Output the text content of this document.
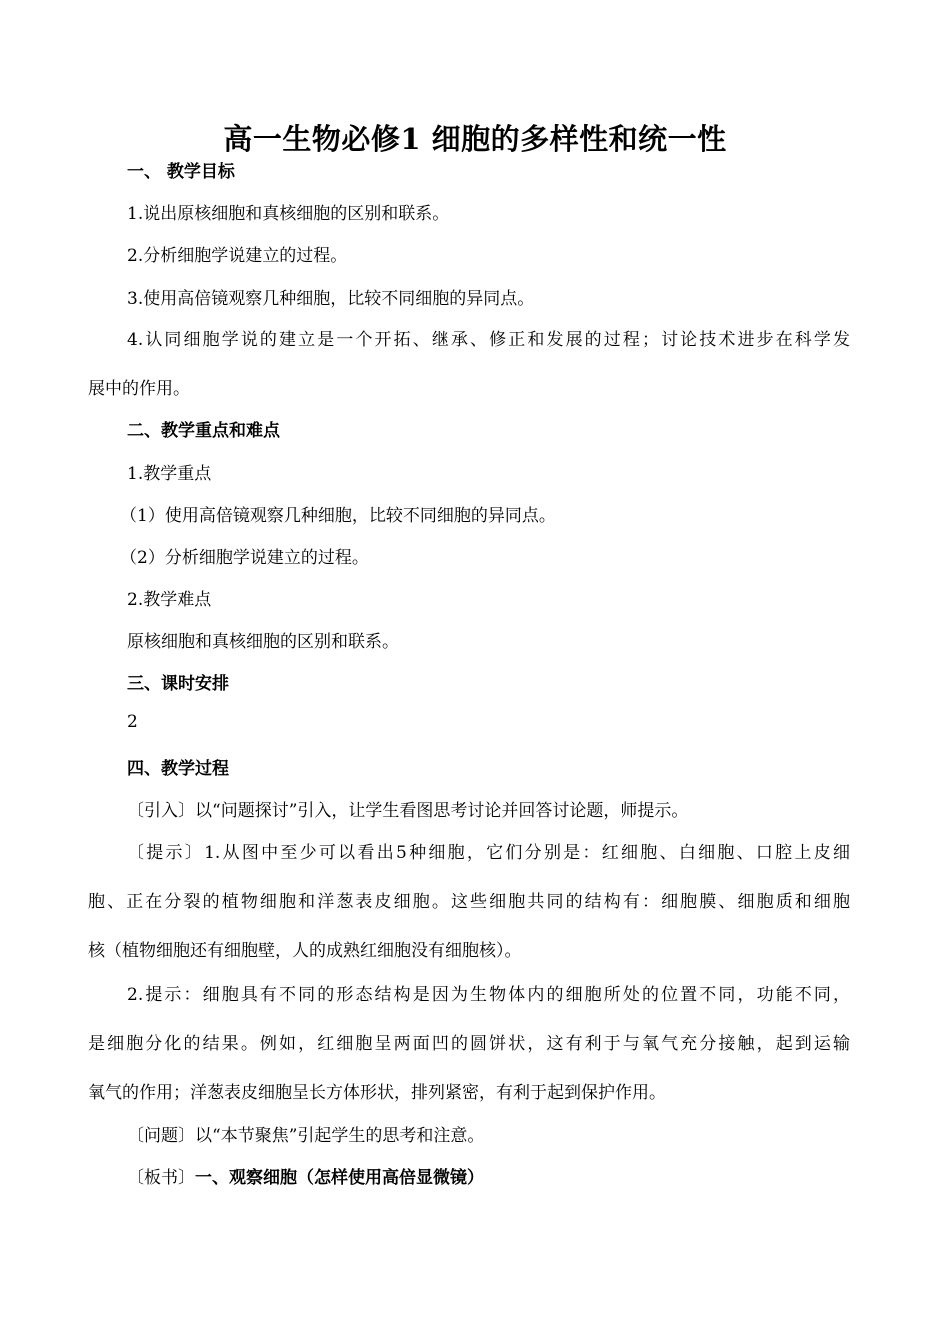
高一生物必修1 细胞的多样性和统一性
一、 教学目标
1.说出原核细胞和真核细胞的区别和联系。
2.分析细胞学说建立的过程。
3.使用高倍镜观察几种细胞，比较不同细胞的异同点。
4.认同细胞学说的建立是一个开拓、继承、修正和发展的过程；讨论技术进步在科学发
展中的作用。
二、教学重点和难点
1.教学重点
（1）使用高倍镜观察几种细胞，比较不同细胞的异同点。
（2）分析细胞学说建立的过程。
2.教学难点
原核细胞和真核细胞的区别和联系。
三、课时安排
2
四、教学过程
〔引入〕以“问题探讨”引入，让学生看图思考讨论并回答讨论题，师提示。
〔提示〕1.从图中至少可以看出5种细胞，它们分别是：红细胞、白细胞、口腔上皮细
胞、正在分裂的植物细胞和洋葱表皮细胞。这些细胞共同的结构有：细胞膜、细胞质和细胞
核（植物细胞还有细胞壁，人的成熟红细胞没有细胞核）。
2.提示：细胞具有不同的形态结构是因为生物体内的细胞所处的位置不同，功能不同，
是细胞分化的结果。例如，红细胞呈两面凹的圆饼状，这有利于与氧气充分接触，起到运输
氧气的作用；洋葱表皮细胞呈长方体形状，排列紧密，有利于起到保护作用。
〔问题〕以“本节聚焦”引起学生的思考和注意。
〔板书〕一、观察细胞（怎样使用高倍显微镜）
